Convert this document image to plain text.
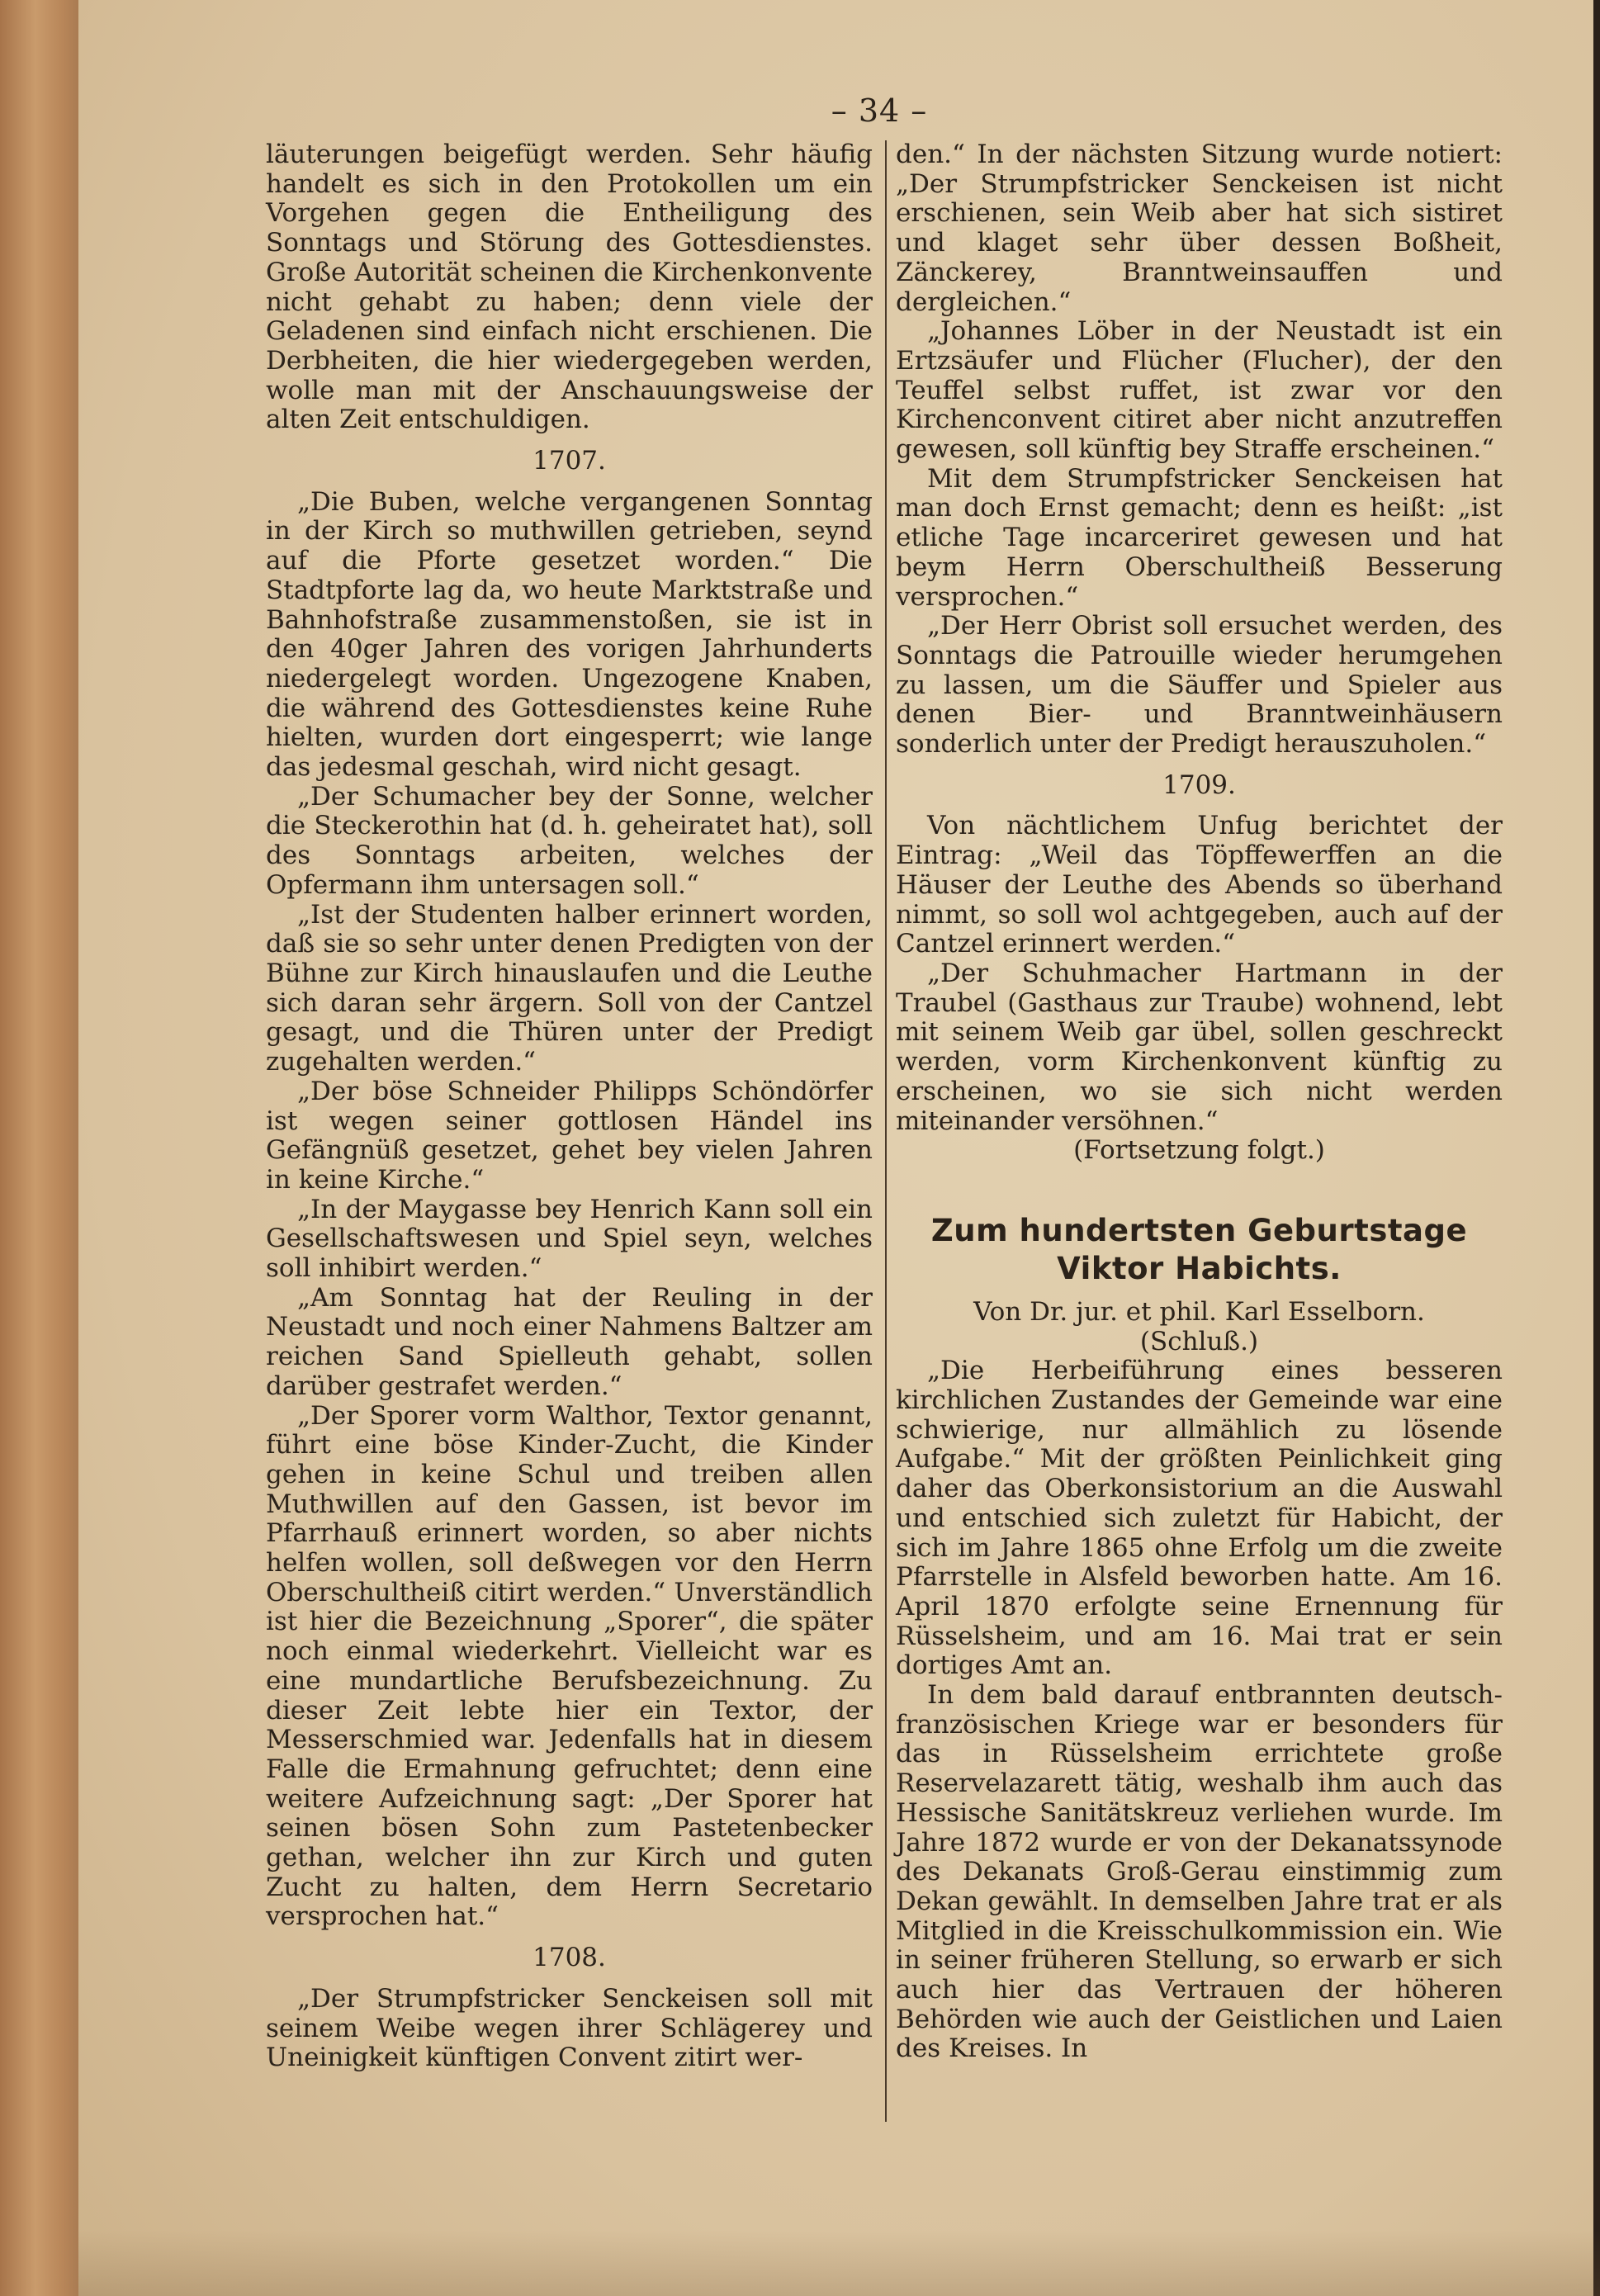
– 34 –

läuterungen beigefügt werden. Sehr häufig handelt es sich in den Protokollen um ein Vorgehen gegen die Entheiligung des Sonntags und Störung des Gottesdienstes. Große Autorität scheinen die Kirchenkonvente nicht gehabt zu haben; denn viele der Geladenen sind einfach nicht erschienen. Die Derbheiten, die hier wiedergegeben werden, wolle man mit der Anschauungsweise der alten Zeit entschuldigen.

1707.

„Die Buben, welche vergangenen Sonntag in der Kirch so muthwillen getrieben, seynd auf die Pforte gesetzet worden.“ Die Stadtpforte lag da, wo heute Marktstraße und Bahnhofstraße zusammenstoßen, sie ist in den 40ger Jahren des vorigen Jahrhunderts niedergelegt worden. Ungezogene Knaben, die während des Gottesdienstes keine Ruhe hielten, wurden dort eingesperrt; wie lange das jedesmal geschah, wird nicht gesagt.

„Der Schumacher bey der Sonne, welcher die Steckerothin hat (d. h. geheiratet hat), soll des Sonntags arbeiten, welches der Opfermann ihm untersagen soll.“

„Ist der Studenten halber erinnert worden, daß sie so sehr unter denen Predigten von der Bühne zur Kirch hinauslaufen und die Leuthe sich daran sehr ärgern. Soll von der Cantzel gesagt, und die Thüren unter der Predigt zugehalten werden.“

„Der böse Schneider Philipps Schöndörfer ist wegen seiner gottlosen Händel ins Gefängnüß gesetzet, gehet bey vielen Jahren in keine Kirche.“

„In der Maygasse bey Henrich Kann soll ein Gesellschaftswesen und Spiel seyn, welches soll inhibirt werden.“

„Am Sonntag hat der Reuling in der Neustadt und noch einer Nahmens Baltzer am reichen Sand Spielleuth gehabt, sollen darüber gestrafet werden.“

„Der Sporer vorm Walthor, Textor genannt, führt eine böse Kinder-Zucht, die Kinder gehen in keine Schul und treiben allen Muthwillen auf den Gassen, ist bevor im Pfarrhauß erinnert worden, so aber nichts helfen wollen, soll deßwegen vor den Herrn Oberschultheiß citirt werden.“ Unverständlich ist hier die Bezeichnung „Sporer“, die später noch einmal wiederkehrt. Vielleicht war es eine mundartliche Berufsbezeichnung. Zu dieser Zeit lebte hier ein Textor, der Messerschmied war. Jedenfalls hat in diesem Falle die Ermahnung gefruchtet; denn eine weitere Aufzeichnung sagt: „Der Sporer hat seinen bösen Sohn zum Pastetenbecker gethan, welcher ihn zur Kirch und guten Zucht zu halten, dem Herrn Secretario versprochen hat.“

1708.

„Der Strumpfstricker Senckeisen soll mit seinem Weibe wegen ihrer Schlägerey und Uneinigkeit künftigen Convent zitirt wer-

den.“ In der nächsten Sitzung wurde notiert: „Der Strumpfstricker Senckeisen ist nicht erschienen, sein Weib aber hat sich sistiret und klaget sehr über dessen Boßheit, Zänckerey, Branntweinsauffen und dergleichen.“

„Johannes Löber in der Neustadt ist ein Ertzsäufer und Flücher (Flucher), der den Teuffel selbst ruffet, ist zwar vor den Kirchenconvent citiret aber nicht anzutreffen gewesen, soll künftig bey Straffe erscheinen.“

Mit dem Strumpfstricker Senckeisen hat man doch Ernst gemacht; denn es heißt: „ist etliche Tage incarceriret gewesen und hat beym Herrn Oberschultheiß Besserung versprochen.“

„Der Herr Obrist soll ersuchet werden, des Sonntags die Patrouille wieder herumgehen zu lassen, um die Säuffer und Spieler aus denen Bier- und Branntweinhäusern sonderlich unter der Predigt herauszuholen.“

1709.

Von nächtlichem Unfug berichtet der Eintrag: „Weil das Töpffewerffen an die Häuser der Leuthe des Abends so überhand nimmt, so soll wol achtgegeben, auch auf der Cantzel erinnert werden.“

„Der Schuhmacher Hartmann in der Traubel (Gasthaus zur Traube) wohnend, lebt mit seinem Weib gar übel, sollen geschreckt werden, vorm Kirchenkonvent künftig zu erscheinen, wo sie sich nicht werden miteinander versöhnen.“

(Fortsetzung folgt.)

Zum hundertsten Geburtstage
Viktor Habichts.

Von Dr. jur. et phil. Karl Esselborn.

(Schluß.)

„Die Herbeiführung eines besseren kirchlichen Zustandes der Gemeinde war eine schwierige, nur allmählich zu lösende Aufgabe.“ Mit der größten Peinlichkeit ging daher das Oberkonsistorium an die Auswahl und entschied sich zuletzt für Habicht, der sich im Jahre 1865 ohne Erfolg um die zweite Pfarrstelle in Alsfeld beworben hatte. Am 16. April 1870 erfolgte seine Ernennung für Rüsselsheim, und am 16. Mai trat er sein dortiges Amt an.

In dem bald darauf entbrannten deutsch-französischen Kriege war er besonders für das in Rüsselsheim errichtete große Reservelazarett tätig, weshalb ihm auch das Hessische Sanitätskreuz verliehen wurde. Im Jahre 1872 wurde er von der Dekanatssynode des Dekanats Groß-Gerau einstimmig zum Dekan gewählt. In demselben Jahre trat er als Mitglied in die Kreisschulkommission ein. Wie in seiner früheren Stellung, so erwarb er sich auch hier das Vertrauen der höheren Behörden wie auch der Geistlichen und Laien des Kreises. In
